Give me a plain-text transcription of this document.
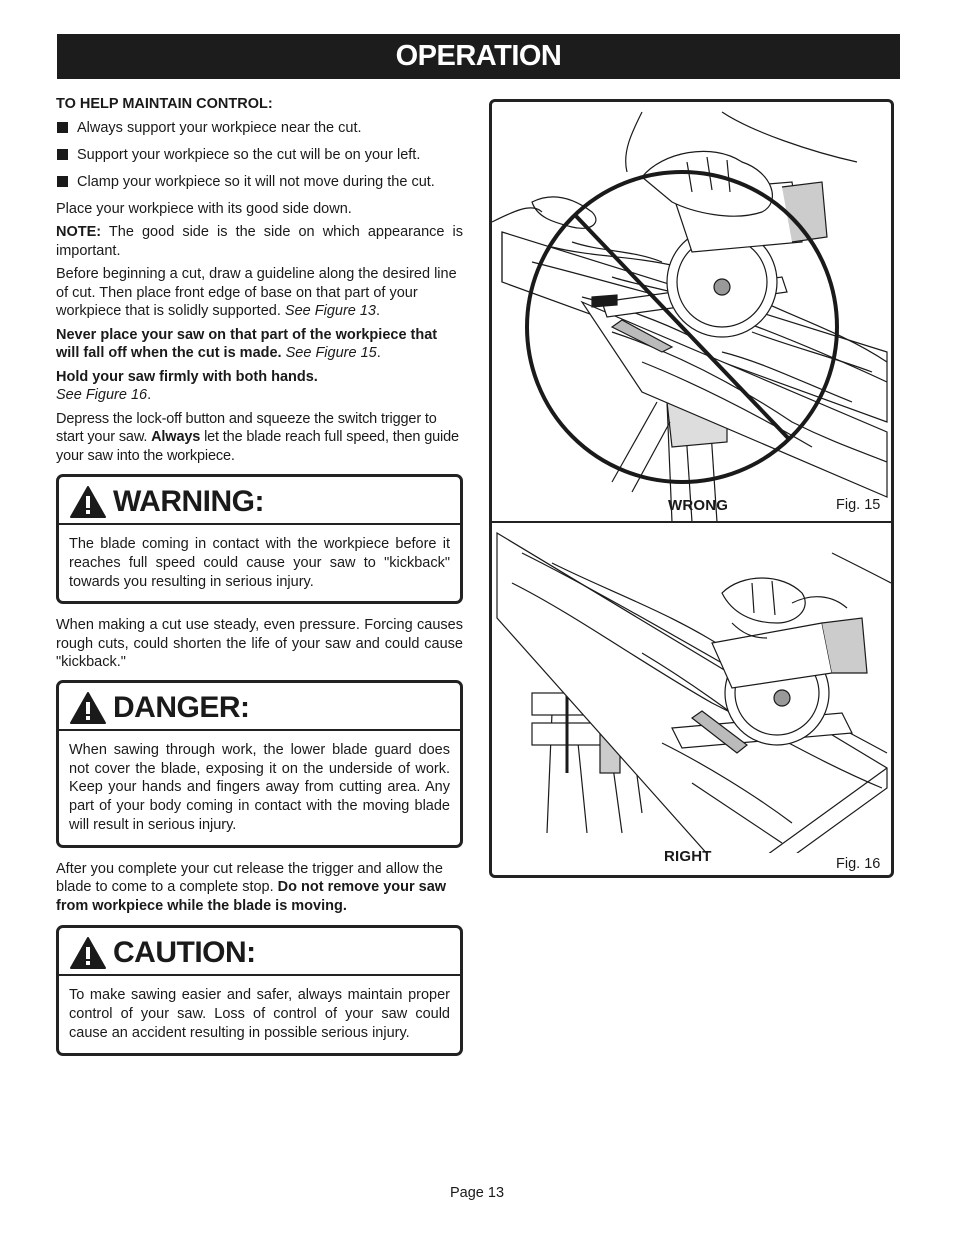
OPERATION

TO HELP MAINTAIN CONTROL:

Always support your workpiece near the cut.
Support your workpiece so the cut will be on your left.
Clamp your workpiece so it will not move during the cut.

Place your workpiece with its good side down.

NOTE: The good side is the side on which appearance is important.

Before beginning a cut, draw a guideline along the desired line of cut. Then place front edge of base on that part of your workpiece that is solidly supported. See Figure 13.

Never place your saw on that part of the workpiece that will fall off when the cut is made. See Figure 15.

Hold your saw firmly with both hands.
See Figure 16.

Depress the lock-off button and squeeze the switch trigger to start your saw. Always let the blade reach full speed, then guide your saw into the workpiece.

WARNING:
The blade coming in contact with the workpiece before it reaches full speed could cause your saw to "kickback" towards you resulting in serious injury.

When making a cut use steady, even pressure. Forcing causes rough cuts, could shorten the life of your saw and could cause "kickback."

DANGER:
When sawing through work, the lower blade guard does not cover the blade, exposing it on the underside of work. Keep your hands and fingers away from cutting area. Any part of your body coming in contact with the moving blade will result in serious injury.

After you complete your cut release the trigger and allow the blade to come to a complete stop. Do not remove your saw from workpiece while the blade is moving.

CAUTION:
To make sawing easier and safer, always maintain proper control of your saw. Loss of control of your saw could cause an accident resulting in possible serious injury.
WRONG	Fig. 15
RIGHT	Fig. 16
Page 13
